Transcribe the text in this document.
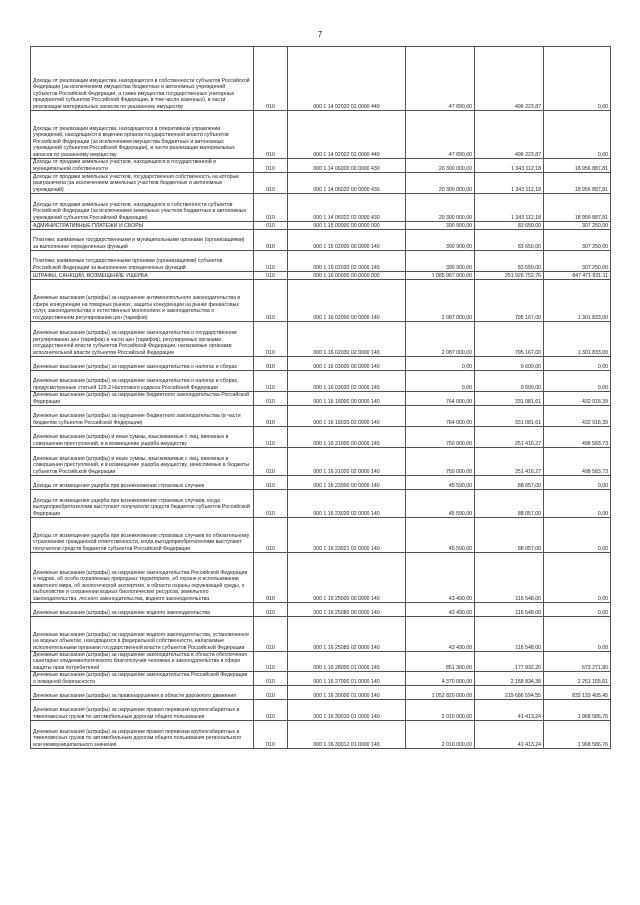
7
Доходы от реализации имущества, находящегося в собственности субъектов Российской Федерации (за исключением имущества бюджетных и автономных учреждений субъектов Российской Федерации, а также имущества государственных унитарных предприятий субъектов Российской Федерации, в том числе казенных), в части реализации материальных запасов по указанному имуществу	010	000 1 14 02020 02 0000 440	47 890,00	496 223,87	0,00
Доходы от реализации имущества, находящегося в оперативном управлении учреждений, находящихся в ведении органов государственной власти субъектов Российской Федерации (за исключением имущества бюджетных и автономных учреждений субъектов Российской Федерации), в части реализации материальных запасов по указанному имуществу	010	000 1 14 02022 02 0000 440	47 890,00	496 223,87	0,00
Доходы от продажи земельных участков, находящихся в государственной и муниципальной собственности	010	000 1 14 06000 00 0000 430	20 300 000,00	1 343 112,18	18 956 887,81
Доходы от продажи земельных участков, государственная собственность на которые разграничена (за исключением земельных участков бюджетных и автономных учреждений)	010	000 1 14 06020 00 0000 430	20 300 000,00	1 343 112,18	18 956 887,81
Доходы от продажи земельных участков, находящихся в собственности субъектов Российской Федерации (за исключением земельных участков бюджетных и автономных учреждений субъектов Российской Федерации)	010	000 1 14 06022 02 0000 430	20 300 000,00	1 343 112,18	18 956 887,81
АДМИНИСТРАТИВНЫЕ ПЛАТЕЖИ И СБОРЫ	010	000 1 15 00000 00 0000 000	390 900,00	83 650,00	307 250,00
Платежи, взимаемые государственными и муниципальными органами (организациями) за выполнение определенных функций	010	000 1 15 02000 00 0000 140	390 900,00	83 650,00	307 250,00
Платежи, взимаемые государственными органами (организациями) субъектов Российской Федерации за выполнение определенных функций	010	000 1 15 02020 02 0000 140	390 900,00	83 650,00	307 250,00
ШТРАФЫ, САНКЦИИ, ВОЗМЕЩЕНИЕ УЩЕРБА	010	000 1 16 00000 00 0000 000	1 085 967 000,00	251 926 752,76	847 471 831,11
Денежные взыскания (штрафы) за нарушение антимонопольного законодательства в сфере конкуренции на товарных рынках, защиты конкуренции на рынке финансовых услуг, законодательства о естественных монополиях и законодательства о государственном регулировании цен (тарифов)	010	000 1 16 02000 00 0000 140	2 087 000,00	795 167,00	1 301 833,00
Денежные взыскания (штрафы) за нарушение законодательства о государственном регулировании цен (тарифов) в части цен (тарифов), регулируемых органами государственной власти субъектов Российской Федерации, налагаемые органами исполнительной власти субъектов Российской Федерации	010	000 1 16 02030 02 0000 140	2 087 000,00	795 167,00	1 301 833,00
Денежные взыскания (штрафы) за нарушение законодательства о налогах и сборах	010	000 1 16 03000 00 0000 140	0,00	9 600,00	0,00
Денежные взыскания (штрафы) за нарушение законодательства о налогах и сборах, предусмотренные статьей 129.2 Налогового кодекса Российской Федерации	010	000 1 16 03020 02 0000 140	0,00	9 600,00	0,00
Денежные взыскания (штрафы) за нарушение бюджетного законодательства Российской Федерации	010	000 1 16 18000 00 0000 140	764 000,00	331 081,61	432 918,39
Денежные взыскания (штрафы) за нарушение бюджетного законодательства (в части бюджетов субъектов Российской Федерации)	010	000 1 16 18020 02 0000 140	764 000,00	331 081,61	432 918,39
Денежные взыскания (штрафы) и иные суммы, взыскиваемые с лиц, виновных в совершении преступлений, и в возмещение ущерба имуществу	010	000 1 16 21000 00 0000 140	750 000,00	251 416,27	498 583,73
Денежные взыскания (штрафы) и иные суммы, взыскиваемые с лиц, виновных в совершении преступлений, и в возмещение ущерба имуществу, зачисляемые в бюджеты субъектов Российской Федерации	010	000 1 16 21020 02 0000 140	750 000,00	251 416,27	498 583,73
Доходы от возмещения ущерба при возникновении страховых случаев	010	000 1 16 23000 00 0000 140	45 590,00	88 057,00	0,00
Доходы от возмещения ущерба при возникновении страховых случаев, когда выгодоприобретателями выступают получатели средств бюджетов субъектов Российской Федерации	010	000 1 16 23020 02 0000 140	45 590,00	88 057,00	0,00
Доходы от возмещения ущерба при возникновении страховых случаев по обязательному страхованию гражданской ответственности, когда выгодоприобретателями выступают получатели средств бюджетов субъектов Российской Федерации	010	000 1 16 23021 02 0000 140	45 590,00	88 057,00	0,00
Денежные взыскания (штрафы) за нарушение законодательства Российской Федерации о недрах, об особо охраняемых природных территориях, об охране и использовании животного мира, об экологической экспертизе, в области охраны окружающей среды, о рыболовстве и сохранении водных биологических ресурсов, земельного законодательства, лесного законодательства, водного законодательства	010	000 1 16 25000 00 0000 140	43 490,00	116 548,00	0,00
Денежные взыскания (штрафы) за нарушение водного законодательства	010	000 1 16 25080 00 0000 140	43 490,00	116 548,00	0,00
Денежные взыскания (штрафы) за нарушение водного законодательства, установленное на водных объектах, находящихся в федеральной собственности, налагаемые исполнительными органами государственной власти субъектов Российской Федерации	010	000 1 16 25085 02 0000 140	43 490,00	116 548,00	0,00
Денежные взыскания (штрафы) за нарушение законодательства в области обеспечения санитарно-эпидемиологического благополучия человека и законодательства в сфере защиты прав потребителей	010	000 1 16 28000 01 0000 140	851 300,00	177 832,20	673 271,80
Денежные взыскания (штрафы) за нарушение законодательства Российской Федерации о пожарной безопасности	010	000 1 16 27000 01 0000 140	4 370 000,00	2 158 834,38	2 251 165,61
Денежные взыскания (штрафы) за правонарушения в области дорожного движения	010	000 1 16 30000 01 0000 140	1 052 820 000,00	219 686 594,55	833 133 405,45
Денежные взыскания (штрафы) за нарушение правил перевозки крупногабаритных и тяжеловесных грузов по автомобильным дорогам общего пользования	010	000 1 16 30010 01 0000 140	2 010 000,00	41 413,24	1 968 586,76
Денежные взыскания (штрафы) за нарушение правил перевозки крупногабаритных и тяжеловесных грузов по автомобильным дорогам общего пользования регионального или межмуниципального значения	010	000 1 16 30012 01 0000 140	2 010 000,00	41 413,24	1 968 586,76
